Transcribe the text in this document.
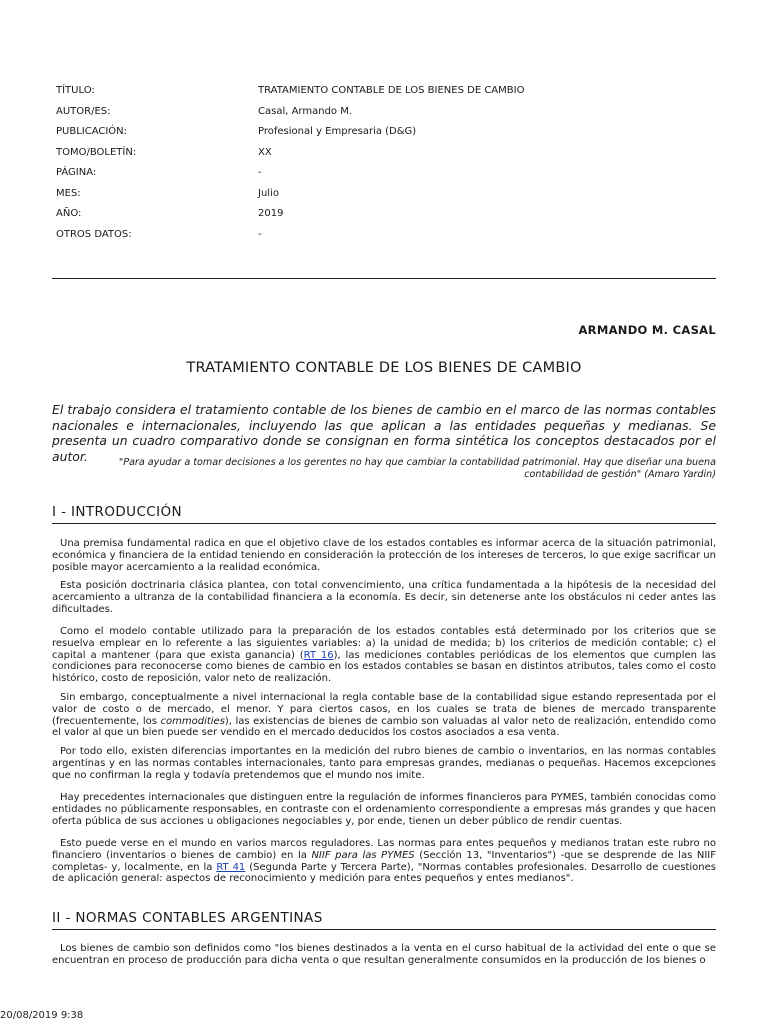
TÍTULO:	TRATAMIENTO CONTABLE DE LOS BIENES DE CAMBIO
AUTOR/ES:	Casal, Armando M.
PUBLICACIÓN:	Profesional y Empresaria (D&G)
TOMO/BOLETÍN:	XX
PÁGINA:	-
MES:	Julio
AÑO:	2019
OTROS DATOS:	-
ARMANDO M. CASAL
TRATAMIENTO CONTABLE DE LOS BIENES DE CAMBIO
El trabajo considera el tratamiento contable de los bienes de cambio en el marco de las normas contables nacionales e internacionales, incluyendo las que aplican a las entidades pequeñas y medianas. Se presenta un cuadro comparativo donde se consignan en forma sintética los conceptos destacados por el autor.	"Para ayudar a tomar decisiones a los gerentes no hay que cambiar la contabilidad patrimonial. Hay que diseñar una buena contabilidad de gestión" (Amaro Yardin)
I - INTRODUCCIÓN

Una premisa fundamental radica en que el objetivo clave de los estados contables es informar acerca de la situación patrimonial, económica y financiera de la entidad teniendo en consideración la protección de los intereses de terceros, lo que exige sacrificar un posible mayor acercamiento a la realidad económica.

Esta posición doctrinaria clásica plantea, con total convencimiento, una crítica fundamentada a la hipótesis de la necesidad del acercamiento a ultranza de la contabilidad financiera a la economía. Es decir, sin detenerse ante los obstáculos ni ceder antes las dificultades.

Como el modelo contable utilizado para la preparación de los estados contables está determinado por los criterios que se resuelva emplear en lo referente a las siguientes variables: a) la unidad de medida; b) los criterios de medición contable; c) el capital a mantener (para que exista ganancia) (RT 16), las mediciones contables periódicas de los elementos que cumplen las condiciones para reconocerse como bienes de cambio en los estados contables se basan en distintos atributos, tales como el costo histórico, costo de reposición, valor neto de realización.

Sin embargo, conceptualmente a nivel internacional la regla contable base de la contabilidad sigue estando representada por el valor de costo o de mercado, el menor. Y para ciertos casos, en los cuales se trata de bienes de mercado transparente (frecuentemente, los commodities), las existencias de bienes de cambio son valuadas al valor neto de realización, entendido como el valor al que un bien puede ser vendido en el mercado deducidos los costos asociados a esa venta.

Por todo ello, existen diferencias importantes en la medición del rubro bienes de cambio o inventarios, en las normas contables argentinas y en las normas contables internacionales, tanto para empresas grandes, medianas o pequeñas. Hacemos excepciones que no confirman la regla y todavía pretendemos que el mundo nos imite.

Hay precedentes internacionales que distinguen entre la regulación de informes financieros para PYMES, también conocidas como entidades no públicamente responsables, en contraste con el ordenamiento correspondiente a empresas más grandes y que hacen oferta pública de sus acciones u obligaciones negociables y, por ende, tienen un deber público de rendir cuentas.

Esto puede verse en el mundo en varios marcos reguladores. Las normas para entes pequeños y medianos tratan este rubro no financiero (inventarios o bienes de cambio) en la NIIF para las PYMES (Sección 13, "Inventarios") -que se desprende de las NIIF completas- y, localmente, en la RT 41 (Segunda Parte y Tercera Parte), "Normas contables profesionales. Desarrollo de cuestiones de aplicación general: aspectos de reconocimiento y medición para entes pequeños y entes medianos".

II - NORMAS CONTABLES ARGENTINAS

Los bienes de cambio son definidos como "los bienes destinados a la venta en el curso habitual de la actividad del ente o que se encuentran en proceso de producción para dicha venta o que resultan generalmente consumidos en la producción de los bienes o

20/08/2019 9:38
